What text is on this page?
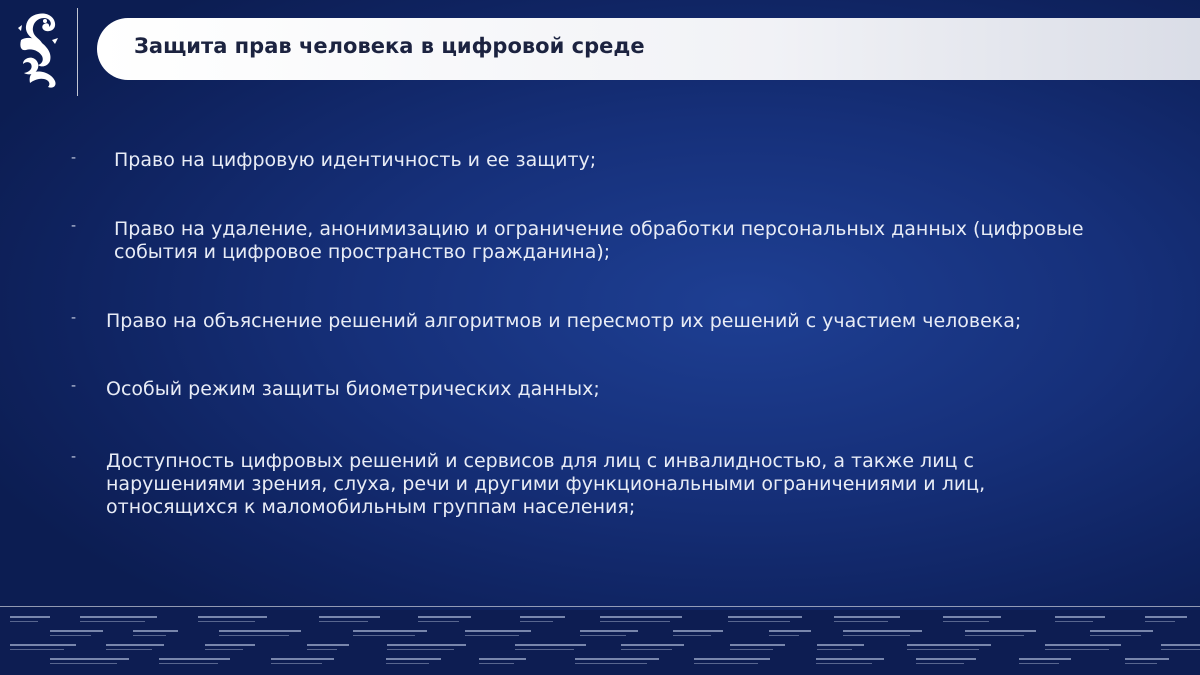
Защита прав человека в цифровой среде
- Право на цифровую идентичность и ее защиту;
- Право на удаление, анонимизацию и ограничение обработки персональных данных (цифровые
события и цифровое пространство гражданина);
- Право на объяснение решений алгоритмов и пересмотр их решений с участием человека;
- Особый режим защиты биометрических данных;
- Доступность цифровых решений и сервисов для лиц с инвалидностью, а также лиц с
нарушениями зрения, слуха, речи и другими функциональными ограничениями и лиц,
относящихся к маломобильным группам населения;
